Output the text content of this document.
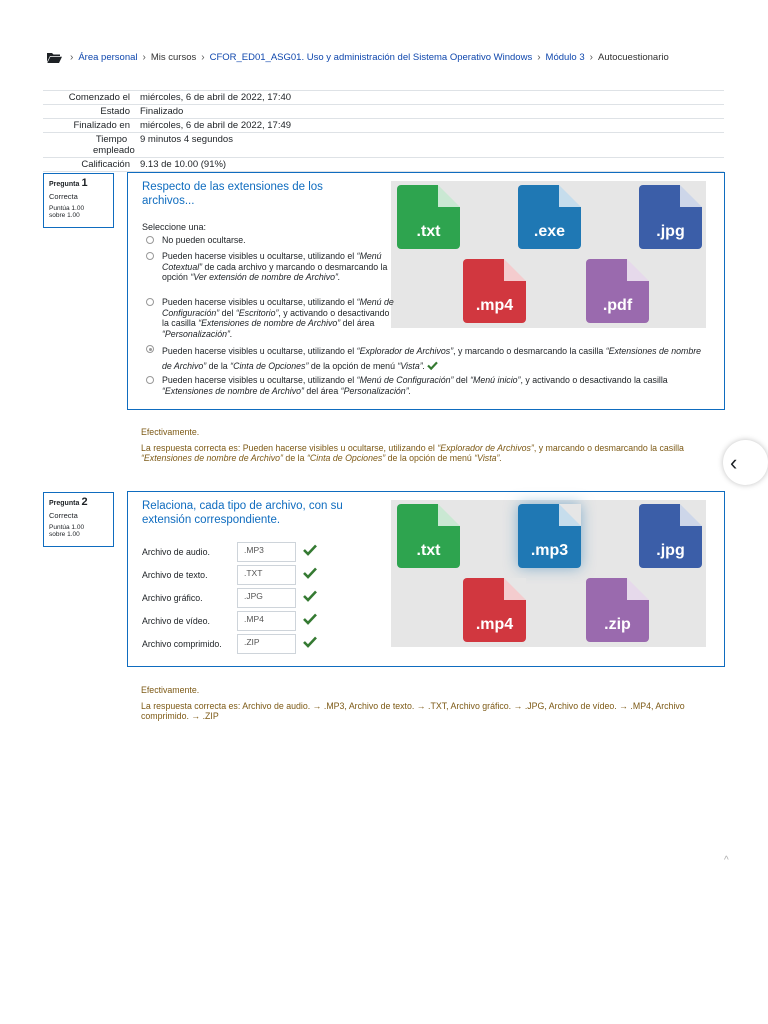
› Área personal › Mis cursos › CFOR_ED01_ASG01. Uso y administración del Sistema Operativo Windows › Módulo 3 › Autocuestionario
Comenzado el	miércoles, 6 de abril de 2022, 17:40
Estado	Finalizado
Finalizado en	miércoles, 6 de abril de 2022, 17:49
Tiempo empleado
9 minutos 4 segundos
Calificación	9.13 de 10.00 (91%)
Pregunta 1
Correcta
Puntúa 1.00
sobre 1.00
Respecto de las extensiones de los archivos...
Seleccione una:	.txt	.exe	.jpg
.mp4	.pdf
No pueden ocultarse.
Pueden hacerse visibles u ocultarse, utilizando el “Menú Cotextual” de cada archivo y marcando o desmarcando la opción “Ver extensión de nombre de Archivo”.
Pueden hacerse visibles u ocultarse, utilizando el “Menú de Configuración” del “Escritorio”, y activando o desactivando la casilla “Extensiones de nombre de Archivo” del área “Personalización”.
Pueden hacerse visibles u ocultarse, utilizando el “Explorador de Archivos”, y marcando o desmarcando la casilla “Extensiones de nombre de Archivo” de la “Cinta de Opciones” de la opción de menú “Vista”.
Pueden hacerse visibles u ocultarse, utilizando el “Menú de Configuración” del “Menú inicio”, y activando o desactivando la casilla “Extensiones de nombre de Archivo” del área “Personalización”.
Efectivamente.
La respuesta correcta es: Pueden hacerse visibles u ocultarse, utilizando el “Explorador de Archivos”, y marcando o desmarcando la casilla “Extensiones de nombre de Archivo” de la “Cinta de Opciones” de la opción de menú “Vista”.	‹
Pregunta 2
Correcta
Puntúa 1.00
sobre 1.00
Relaciona, cada tipo de archivo, con su extensión correspondiente.
.txt	.mp3	.jpg
.mp4	.zip
Archivo de audio.	.MP3
Archivo de texto.	.TXT
Archivo gráfico.	.JPG
Archivo de vídeo.	.MP4
Archivo comprimido.	.ZIP
Efectivamente.
La respuesta correcta es: Archivo de audio. → .MP3, Archivo de texto. → .TXT, Archivo gráfico. → .JPG, Archivo de vídeo. → .MP4, Archivo comprimido. → .ZIP
^
